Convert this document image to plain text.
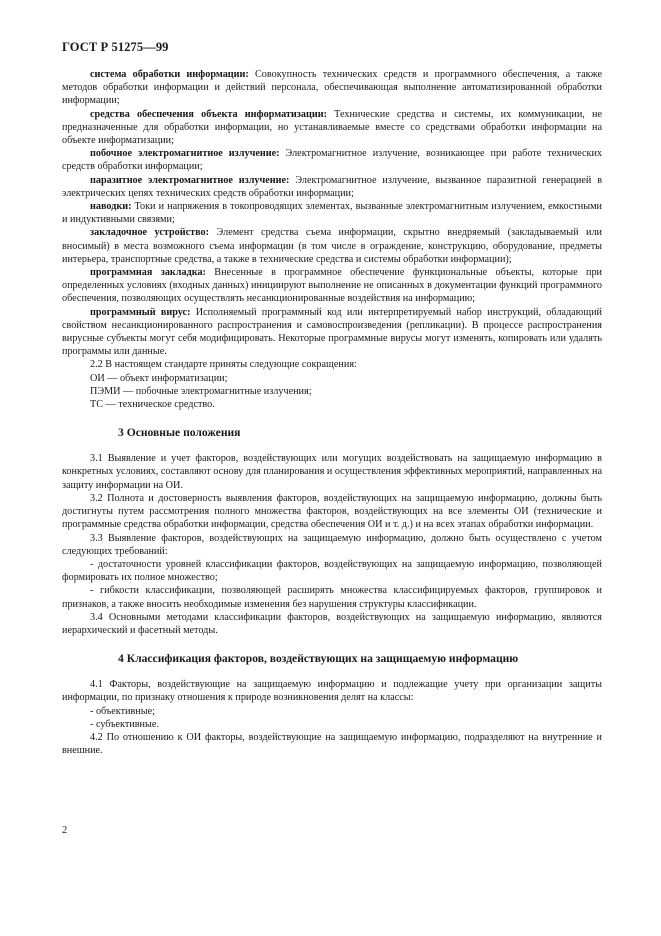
ГОСТ Р 51275—99

система обработки информации: Совокупность технических средств и программного обеспечения, а также методов обработки информации и действий персонала, обеспечивающая выполнение автоматизированной обработки информации;

средства обеспечения объекта информатизации: Технические средства и системы, их коммуникации, не предназначенные для обработки информации, но устанавливаемые вместе со средствами обработки информации на объекте информатизации;

побочное электромагнитное излучение: Электромагнитное излучение, возникающее при работе технических средств обработки информации;

паразитное электромагнитное излучение: Электромагнитное излучение, вызванное паразитной генерацией в электрических цепях технических средств обработки информации;

наводки: Токи и напряжения в токопроводящих элементах, вызванные электромагнитным излучением, емкостными и индуктивными связями;

закладочное устройство: Элемент средства съема информации, скрытно внедряемый (закладываемый или вносимый) в места возможного съема информации (в том числе в ограждение, конструкцию, оборудование, предметы интерьера, транспортные средства, а также в технические средства и системы обработки информации);

программная закладка: Внесенные в программное обеспечение функциональные объекты, которые при определенных условиях (входных данных) инициируют выполнение не описанных в документации функций программного обеспечения, позволяющих осуществлять несанкционированные воздействия на информацию;

программный вирус: Исполняемый программный код или интерпретируемый набор инструкций, обладающий свойством несанкционированного распространения и самовоспроизведения (репликации). В процессе распространения вирусные субъекты могут себя модифицировать. Некоторые программные вирусы могут изменять, копировать или удалять программы или данные.

2.2 В настоящем стандарте приняты следующие сокращения:

ОИ — объект информатизации;

ПЭМИ — побочные электромагнитные излучения;

ТС — техническое средство.

3 Основные положения

3.1 Выявление и учет факторов, воздействующих или могущих воздействовать на защищаемую информацию в конкретных условиях, составляют основу для планирования и осуществления эффективных мероприятий, направленных на защиту информации на ОИ.

3.2 Полнота и достоверность выявления факторов, воздействующих на защищаемую информацию, должны быть достигнуты путем рассмотрения полного множества факторов, воздействующих на все элементы ОИ (технические и программные средства обработки информации, средства обеспечения ОИ и т. д.) и на всех этапах обработки информации.

3.3 Выявление факторов, воздействующих на защищаемую информацию, должно быть осуществлено с учетом следующих требований:

- достаточности уровней классификации факторов, воздействующих на защищаемую информацию, позволяющей формировать их полное множество;

- гибкости классификации, позволяющей расширять множества классифицируемых факторов, группировок и признаков, а также вносить необходимые изменения без нарушения структуры классификации.

3.4 Основными методами классификации факторов, воздействующих на защищаемую информацию, являются иерархический и фасетный методы.

4 Классификация факторов, воздействующих на защищаемую информацию

4.1 Факторы, воздействующие на защищаемую информацию и подлежащие учету при организации защиты информации, по признаку отношения к природе возникновения делят на классы:

- объективные;

- субъективные.

4.2 По отношению к ОИ факторы, воздействующие на защищаемую информацию, подразделяют на внутренние и внешние.

2
